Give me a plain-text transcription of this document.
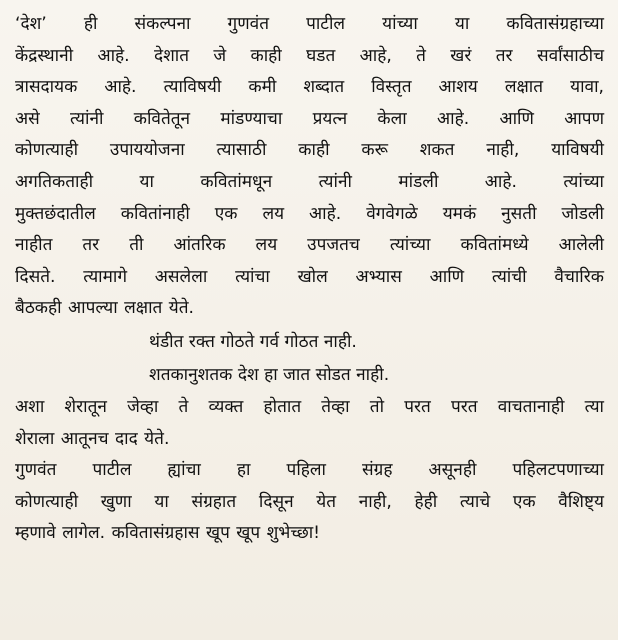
‘देश’ ही संकल्पना गुणवंत पाटील यांच्या या कवितासंग्रहाच्या
केंद्रस्थानी आहे. देशात जे काही घडत आहे, ते खरं तर सर्वांसाठीच
त्रासदायक आहे. त्याविषयी कमी शब्दात विस्तृत आशय लक्षात यावा,
असे त्यांनी कवितेतून मांडण्याचा प्रयत्न केला आहे. आणि आपण
कोणत्याही उपाययोजना त्यासाठी काही करू शकत नाही, याविषयी
अगतिकताही या कवितांमधून त्यांनी मांडली आहे. त्यांच्या
मुक्तछंदातील कवितांनाही एक लय आहे. वेगवेगळे यमकं नुसती जोडली
नाहीत तर ती आंतरिक लय उपजतच त्यांच्या कवितांमध्ये आलेली
दिसते. त्यामागे असलेला त्यांचा खोल अभ्यास आणि त्यांची वैचारिक
बैठकही आपल्या लक्षात येते.
थंडीत रक्त गोठते गर्व गोठत नाही.
शतकानुशतक देश हा जात सोडत नाही.
अशा शेरातून जेव्हा ते व्यक्त होतात तेव्हा तो परत परत वाचतानाही त्या
शेराला आतूनच दाद येते.
गुणवंत पाटील ह्यांचा हा पहिला संग्रह असूनही पहिलटपणाच्या
कोणत्याही खुणा या संग्रहात दिसून येत नाही, हेही त्याचे एक वैशिष्ट्य
म्हणावे लागेल. कवितासंग्रहास खूप खूप शुभेच्छा!
